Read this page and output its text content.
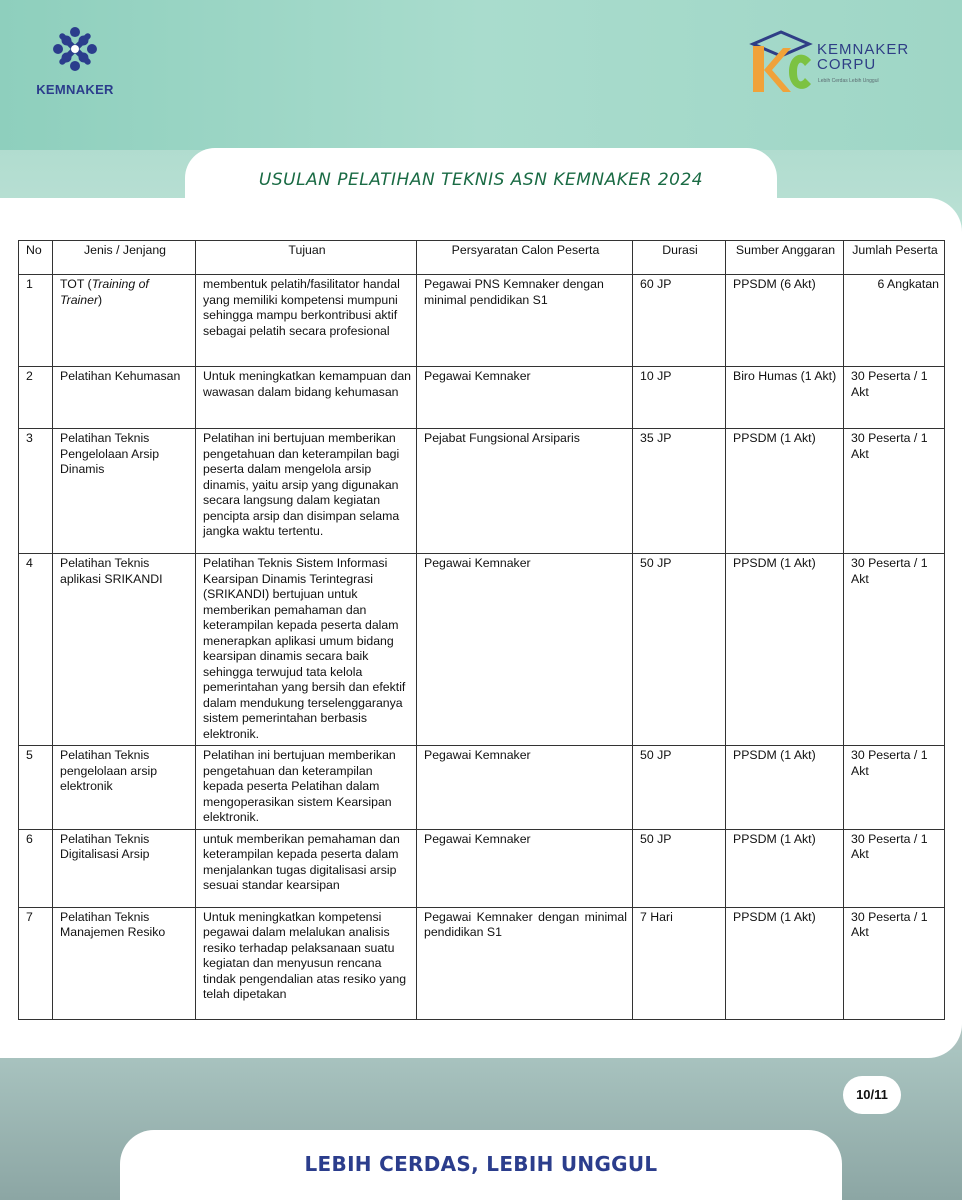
KEMNAKER
KEMNAKER
CORPU
Lebih Cerdas Lebih Unggul
USULAN PELATIHAN TEKNIS ASN KEMNAKER 2024
No	Jenis / Jenjang	Tujuan	Persyaratan Calon Peserta	Durasi	Sumber Anggaran	Jumlah Peserta
1	TOT (Training of Trainer)	membentuk pelatih/fasilitator handal yang memiliki kompetensi mumpuni sehingga mampu berkontribusi aktif sebagai pelatih secara profesional	Pegawai PNS Kemnaker dengan minimal pendidikan S1	60 JP	PPSDM (6 Akt)	6 Angkatan
2	Pelatihan Kehumasan	Untuk meningkatkan kemampuan dan wawasan dalam bidang kehumasan	Pegawai Kemnaker	10 JP	Biro Humas (1 Akt)	30 Peserta / 1 Akt
3	Pelatihan Teknis Pengelolaan Arsip Dinamis	Pelatihan ini bertujuan memberikan pengetahuan dan keterampilan bagi peserta dalam mengelola arsip dinamis, yaitu arsip yang digunakan secara langsung dalam kegiatan pencipta arsip dan disimpan selama jangka waktu tertentu.	Pejabat Fungsional Arsiparis	35 JP	PPSDM (1 Akt)	30 Peserta / 1 Akt
4	Pelatihan Teknis aplikasi SRIKANDI	Pelatihan Teknis Sistem Informasi Kearsipan Dinamis Terintegrasi (SRIKANDI) bertujuan untuk memberikan pemahaman dan keterampilan kepada peserta dalam menerapkan aplikasi umum bidang kearsipan dinamis secara baik sehingga terwujud tata kelola pemerintahan yang bersih dan efektif dalam mendukung terselenggaranya sistem pemerintahan berbasis elektronik.	Pegawai Kemnaker	50 JP	PPSDM (1 Akt)	30 Peserta / 1 Akt
5	Pelatihan Teknis pengelolaan arsip elektronik	Pelatihan ini bertujuan memberikan pengetahuan dan keterampilan kepada peserta Pelatihan dalam mengoperasikan sistem Kearsipan elektronik.	Pegawai Kemnaker	50 JP	PPSDM (1 Akt)	30 Peserta / 1 Akt
6	Pelatihan Teknis Digitalisasi Arsip	untuk memberikan pemahaman dan keterampilan kepada peserta dalam menjalankan tugas digitalisasi arsip sesuai standar kearsipan	Pegawai Kemnaker	50 JP	PPSDM (1 Akt)	30 Peserta / 1 Akt
7	Pelatihan Teknis Manajemen Resiko	Untuk meningkatkan kompetensi pegawai dalam melalukan analisis resiko terhadap pelaksanaan suatu kegiatan dan menyusun rencana tindak pengendalian atas resiko yang telah dipetakan	Pegawai Kemnaker dengan minimal pendidikan S1	7 Hari	PPSDM (1 Akt)	30 Peserta / 1 Akt
10/11
LEBIH CERDAS, LEBIH UNGGUL
